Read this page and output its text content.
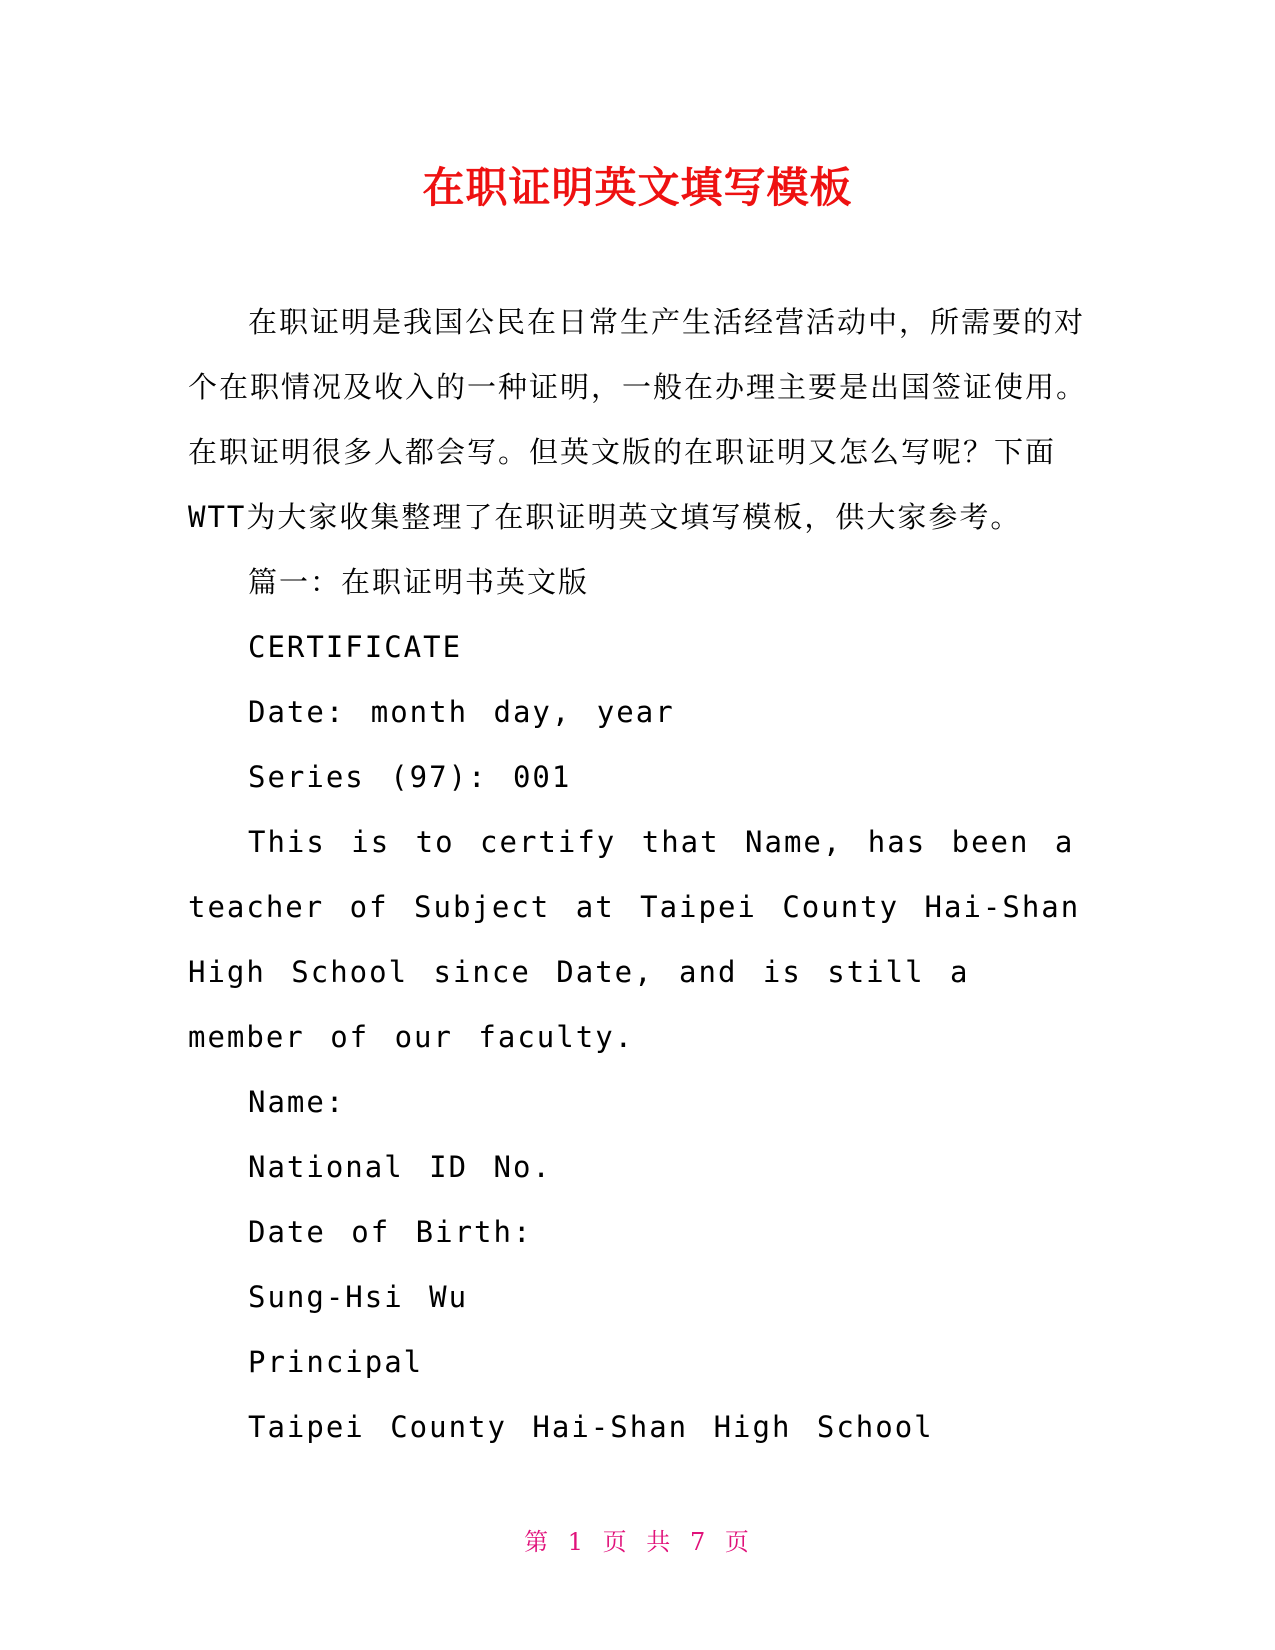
在职证明英文填写模板

在职证明是我国公民在日常生产生活经营活动中，所需要的对个在职情况及收入的一种证明，一般在办理主要是出国签证使用。在职证明很多人都会写。但英文版的在职证明又怎么写呢？下面WTT为大家收集整理了在职证明英文填写模板，供大家参考。

篇一：在职证明书英文版

CERTIFICATE

Date: month day, year

Series (97): 001

This is to certify that Name, has been a teacher of Subject at Taipei County Hai-Shan High School since Date, and is still a member of our faculty.

Name:

National ID No.

Date of Birth:

Sung-Hsi Wu

Principal

Taipei County Hai-Shan High School

第 1 页 共 7 页
